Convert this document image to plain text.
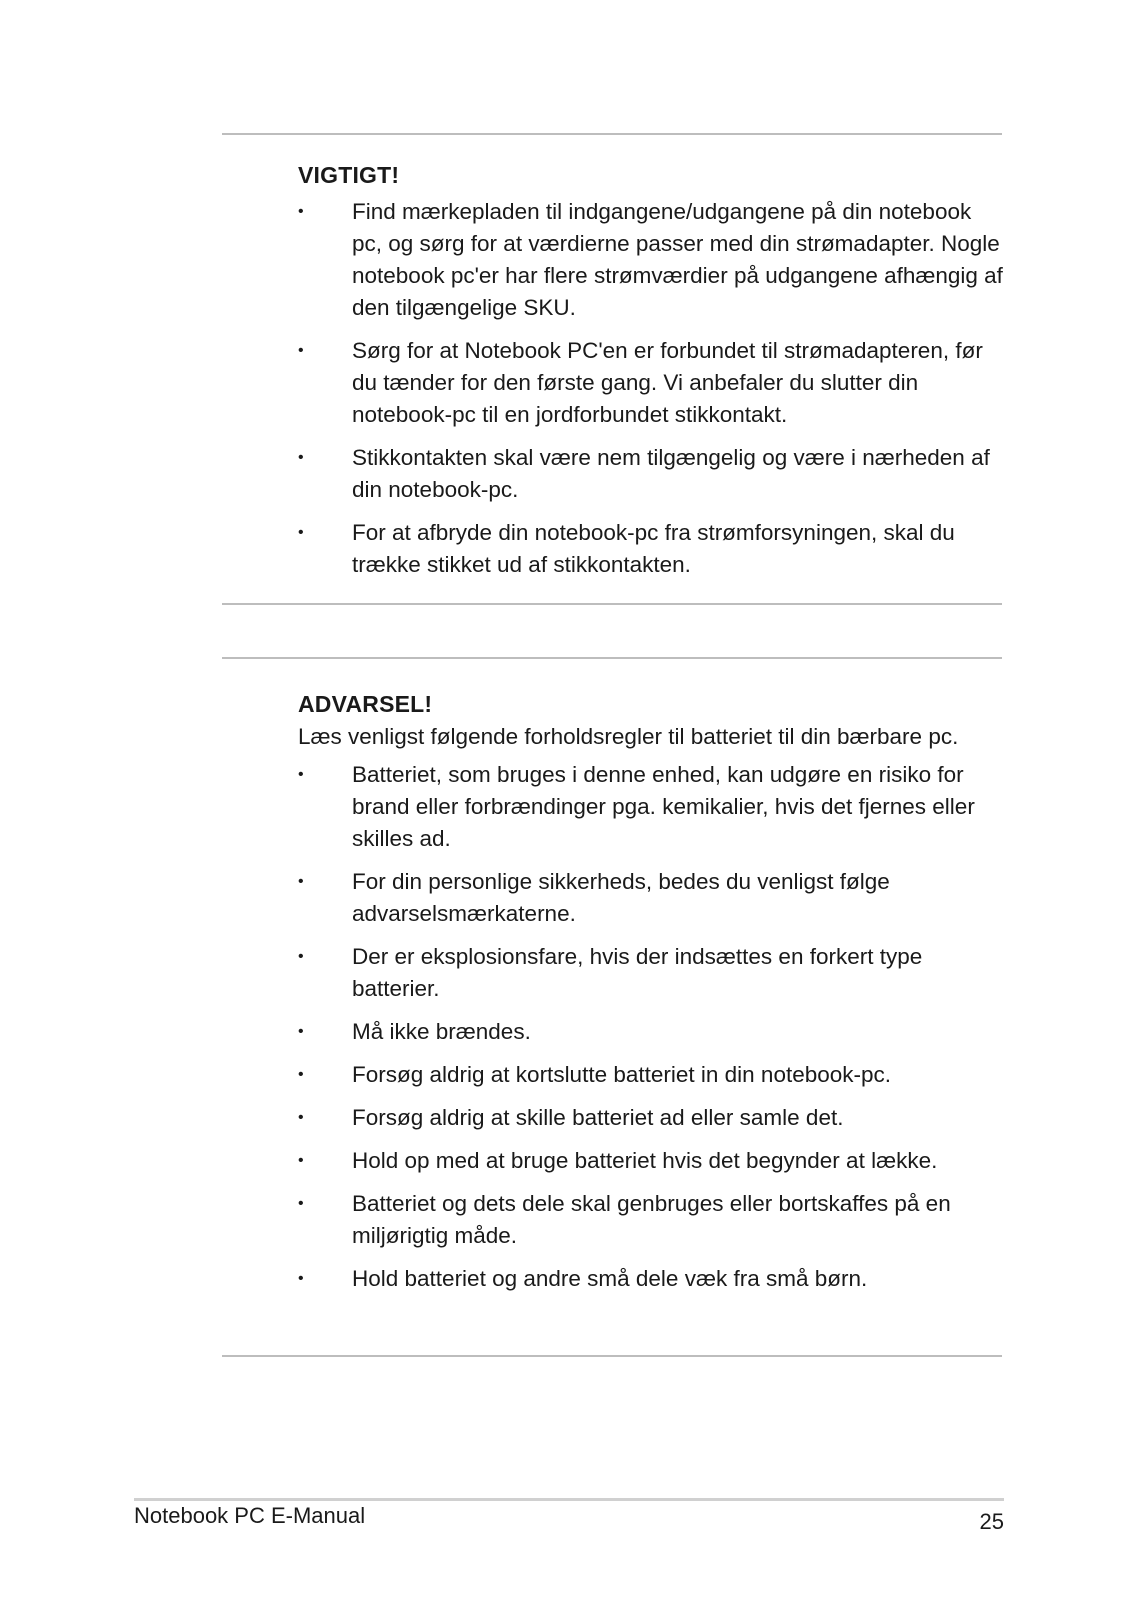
VIGTIGT!

•	Find mærkepladen til indgangene/udgangene på din notebook pc, og sørg for at værdierne passer med din strømadapter. Nogle notebook pc'er har flere strømværdier på udgangene afhængig af den tilgængelige SKU.
•	Sørg for at Notebook PC'en er forbundet til strømadapteren, før du tænder for den første gang. Vi anbefaler du slutter din notebook-pc til en jordforbundet stikkontakt.
•	Stikkontakten skal være nem tilgængelig og være i nærheden af din notebook-pc.
•	For at afbryde din notebook-pc fra strømforsyningen, skal du trække stikket ud af stikkontakten.

ADVARSEL!

Læs venligst følgende forholdsregler til batteriet til din bærbare pc.

•	Batteriet, som bruges i denne enhed, kan udgøre en risiko for brand eller forbrændinger pga. kemikalier, hvis det fjernes eller skilles ad.
•	For din personlige sikkerheds, bedes du venligst følge advarselsmærkaterne.
•	Der er eksplosionsfare, hvis der indsættes en forkert type batterier.
•	Må ikke brændes.
•	Forsøg aldrig at kortslutte batteriet in din notebook-pc.
•	Forsøg aldrig at skille batteriet ad eller samle det.
•	Hold op med at bruge batteriet hvis det begynder at lække.
•	Batteriet og dets dele skal genbruges eller bortskaffes på en miljørigtig måde.
•	Hold batteriet og andre små dele væk fra små børn.
Notebook PC E-Manual	25
